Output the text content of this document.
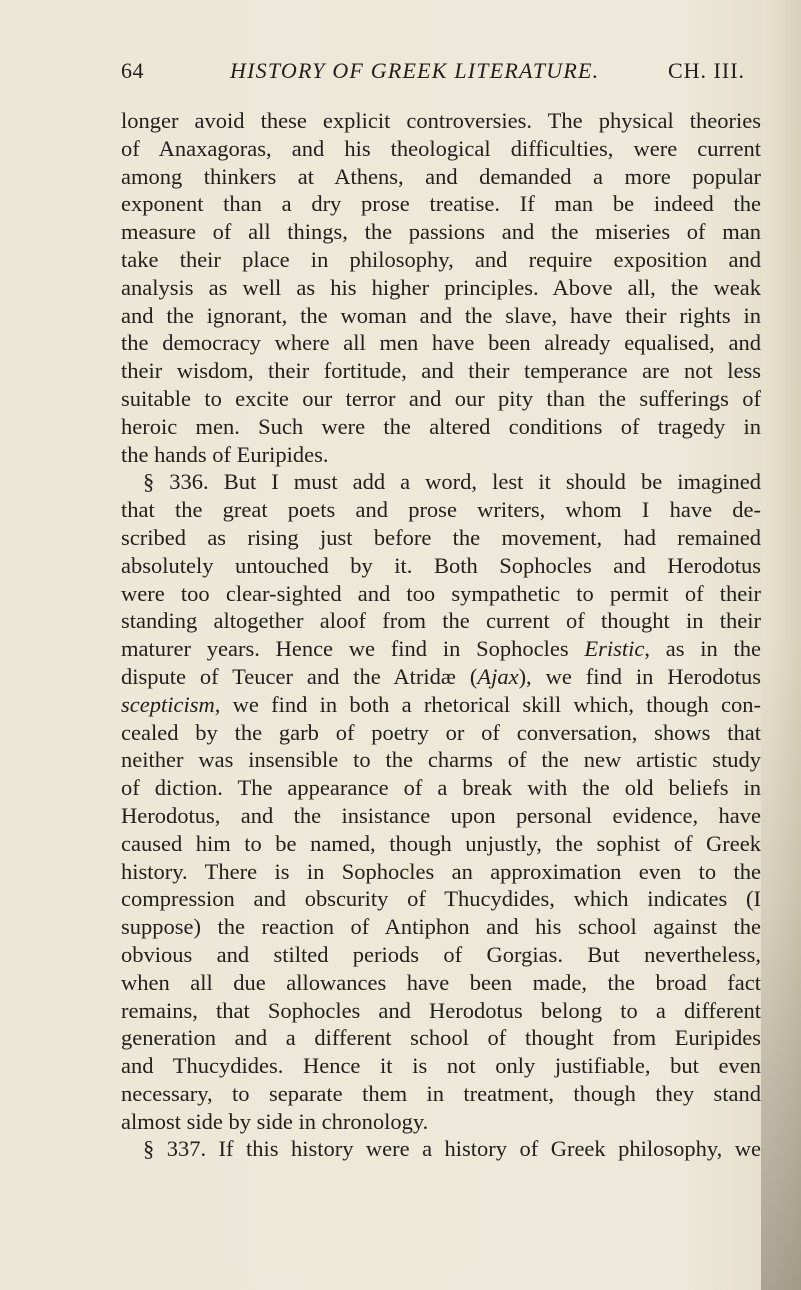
64	HISTORY OF GREEK LITERATURE.	CH. III.
longer avoid these explicit controversies. The physical theories
of Anaxagoras, and his theological difficulties, were current
among thinkers at Athens, and demanded a more popular
exponent than a dry prose treatise. If man be indeed the
measure of all things, the passions and the miseries of man
take their place in philosophy, and require exposition and
analysis as well as his higher principles. Above all, the weak
and the ignorant, the woman and the slave, have their rights in
the democracy where all men have been already equalised, and
their wisdom, their fortitude, and their temperance are not less
suitable to excite our terror and our pity than the sufferings of
heroic men. Such were the altered conditions of tragedy in
the hands of Euripides.
§ 336. But I must add a word, lest it should be imagined
that the great poets and prose writers, whom I have de-
scribed as rising just before the movement, had remained
absolutely untouched by it. Both Sophocles and Herodotus
were too clear-sighted and too sympathetic to permit of their
standing altogether aloof from the current of thought in their
maturer years. Hence we find in Sophocles Eristic, as in the
dispute of Teucer and the Atridæ (Ajax), we find in Herodotus
scepticism, we find in both a rhetorical skill which, though con-
cealed by the garb of poetry or of conversation, shows that
neither was insensible to the charms of the new artistic study
of diction. The appearance of a break with the old beliefs in
Herodotus, and the insistance upon personal evidence, have
caused him to be named, though unjustly, the sophist of Greek
history. There is in Sophocles an approximation even to the
compression and obscurity of Thucydides, which indicates (I
suppose) the reaction of Antiphon and his school against the
obvious and stilted periods of Gorgias. But nevertheless,
when all due allowances have been made, the broad fact
remains, that Sophocles and Herodotus belong to a different
generation and a different school of thought from Euripides
and Thucydides. Hence it is not only justifiable, but even
necessary, to separate them in treatment, though they stand
almost side by side in chronology.
§ 337. If this history were a history of Greek philosophy, we
